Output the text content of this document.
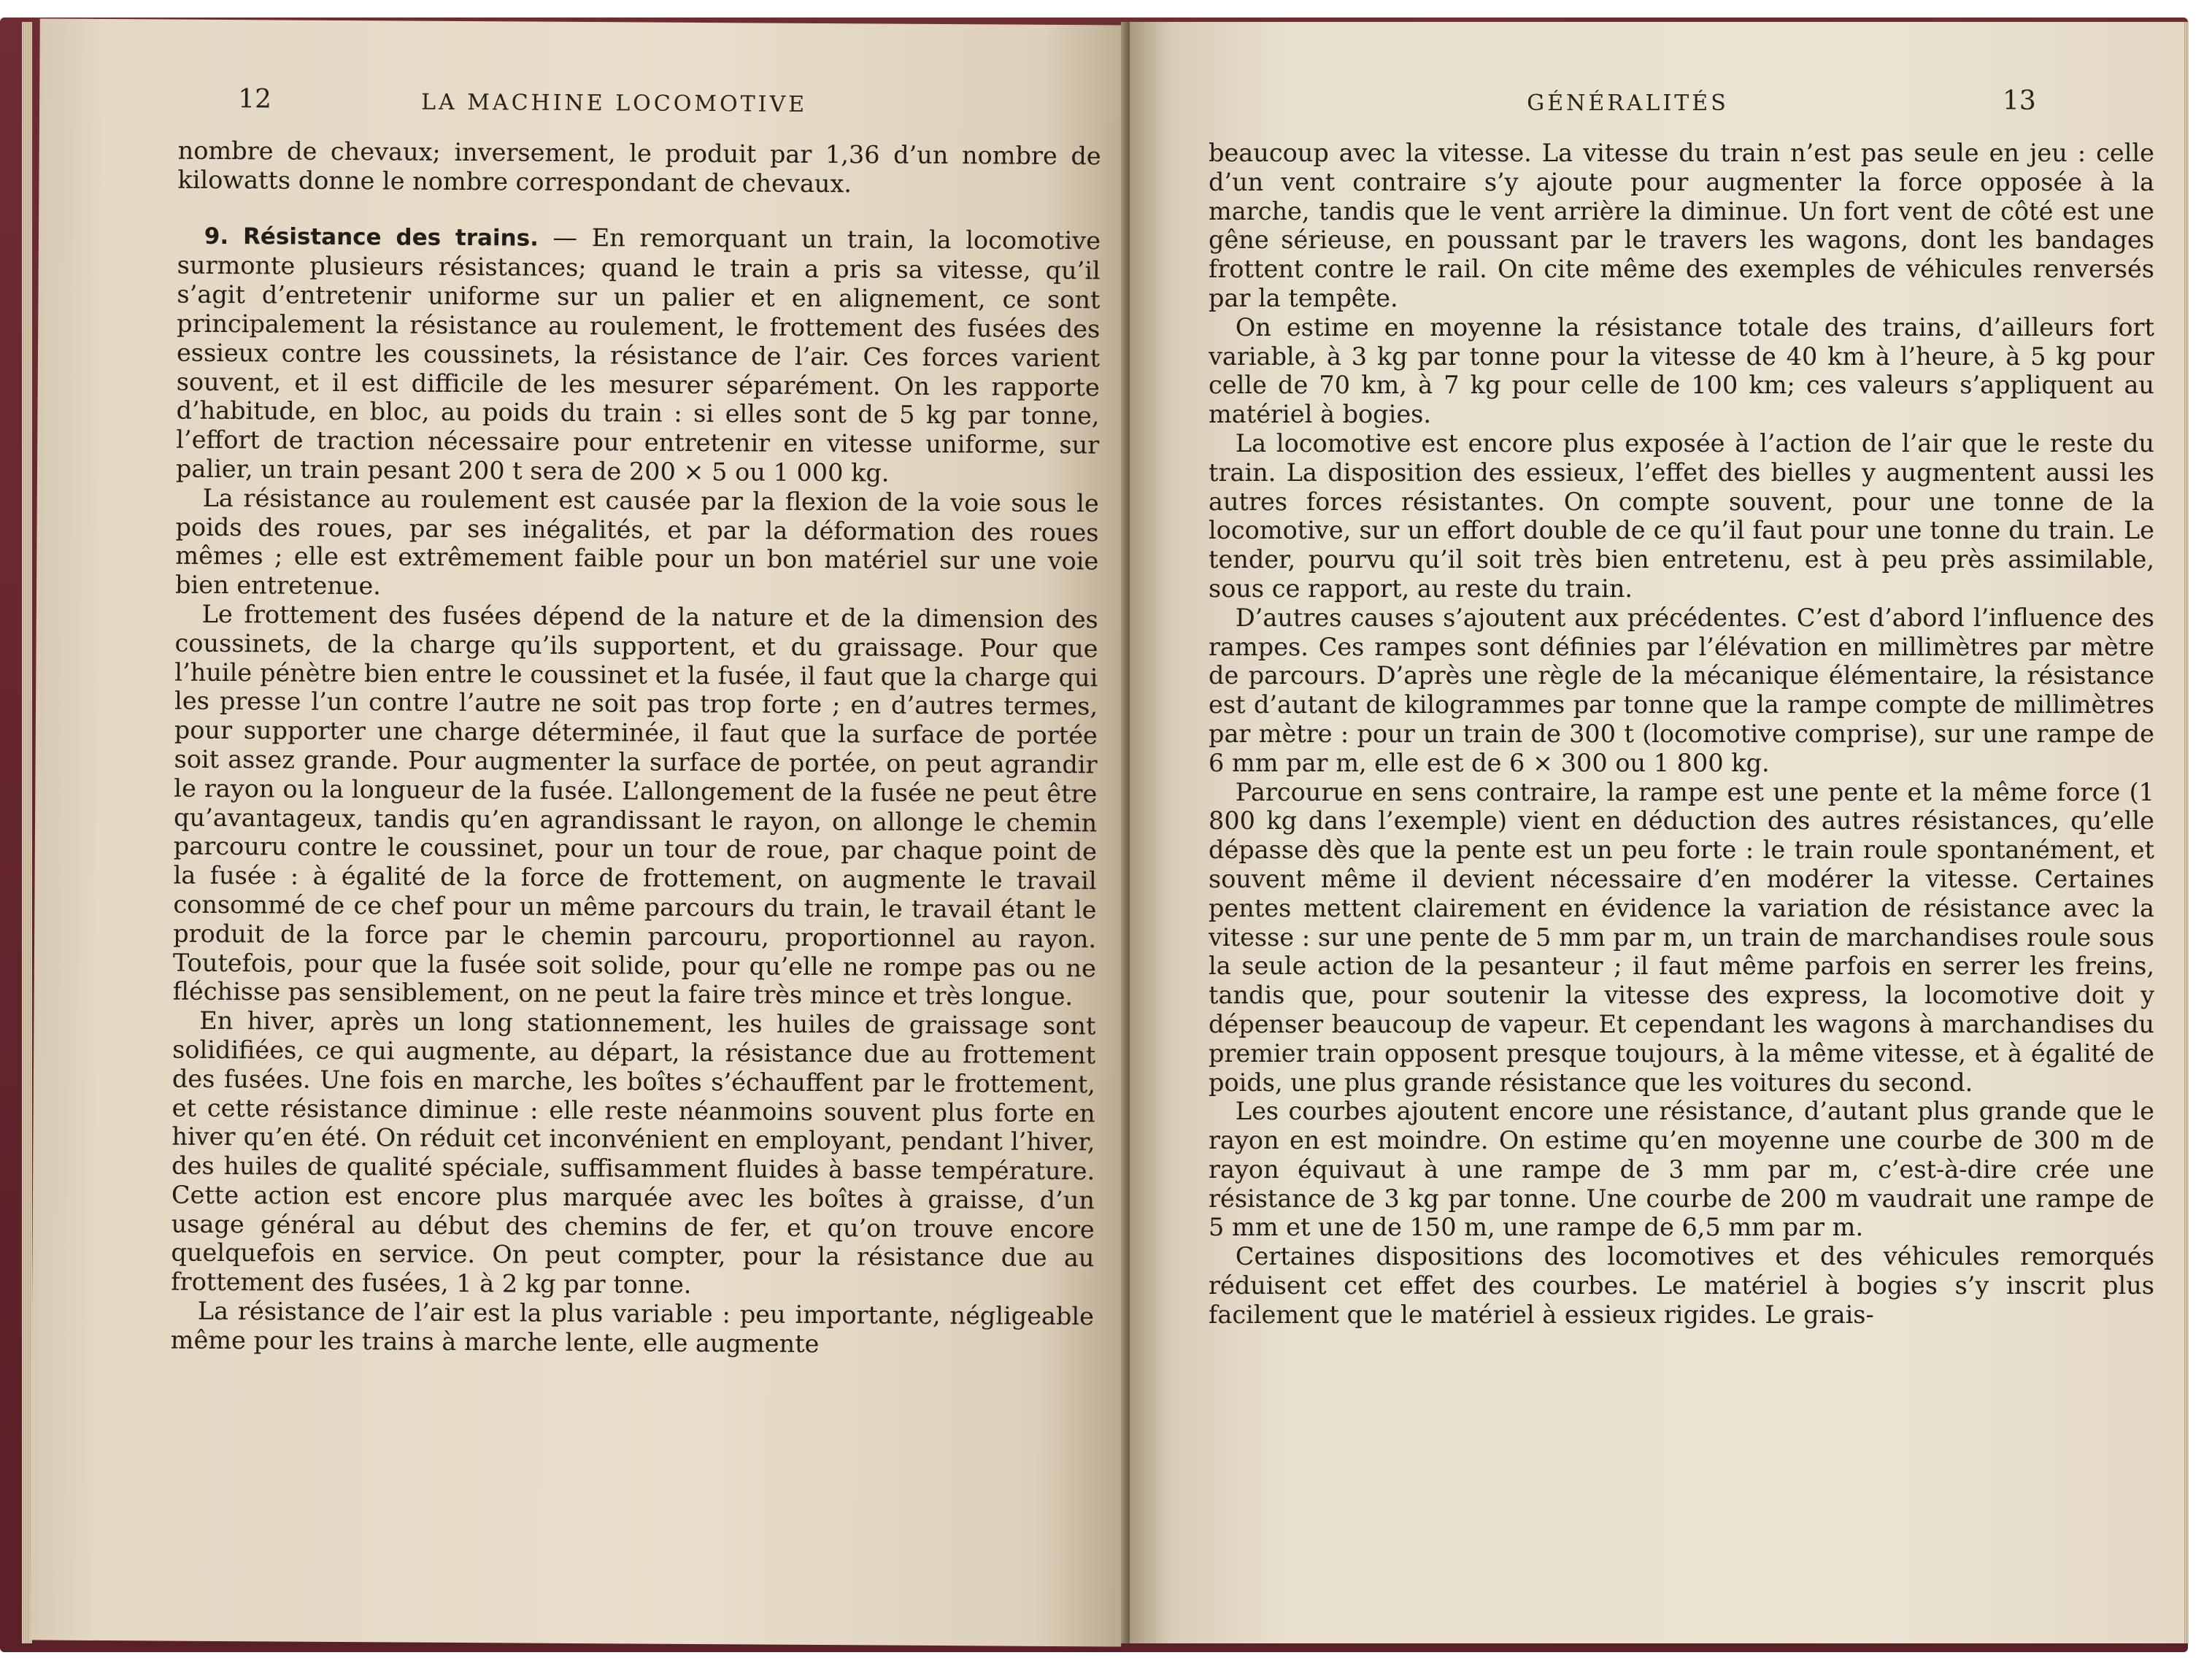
12	LA MACHINE LOCOMOTIVE

nombre de chevaux; inversement, le produit par 1,36 d’un nombre de kilowatts donne le nombre correspondant de chevaux.

9. Résistance des trains. — En remorquant un train, la locomotive surmonte plusieurs résistances; quand le train a pris sa vitesse, qu’il s’agit d’entretenir uniforme sur un palier et en alignement, ce sont principalement la résistance au roulement, le frottement des fusées des essieux contre les coussinets, la résistance de l’air. Ces forces varient souvent, et il est difficile de les mesurer séparément. On les rapporte d’habitude, en bloc, au poids du train : si elles sont de 5 kg par tonne, l’effort de traction nécessaire pour entretenir en vitesse uniforme, sur palier, un train pesant 200 t sera de 200 × 5 ou 1 000 kg.

La résistance au roulement est causée par la flexion de la voie sous le poids des roues, par ses inégalités, et par la déformation des roues mêmes ; elle est extrêmement faible pour un bon matériel sur une voie bien entretenue.

Le frottement des fusées dépend de la nature et de la dimension des coussinets, de la charge qu’ils supportent, et du graissage. Pour que l’huile pénètre bien entre le coussinet et la fusée, il faut que la charge qui les presse l’un contre l’autre ne soit pas trop forte ; en d’autres termes, pour supporter une charge déterminée, il faut que la surface de portée soit assez grande. Pour augmenter la surface de portée, on peut agrandir le rayon ou la longueur de la fusée. L’allongement de la fusée ne peut être qu’avantageux, tandis qu’en agrandissant le rayon, on allonge le chemin parcouru contre le coussinet, pour un tour de roue, par chaque point de la fusée : à égalité de la force de frottement, on augmente le travail consommé de ce chef pour un même parcours du train, le travail étant le produit de la force par le chemin parcouru, proportionnel au rayon. Toutefois, pour que la fusée soit solide, pour qu’elle ne rompe pas ou ne fléchisse pas sensiblement, on ne peut la faire très mince et très longue.

En hiver, après un long stationnement, les huiles de graissage sont solidifiées, ce qui augmente, au départ, la résistance due au frottement des fusées. Une fois en marche, les boîtes s’échauffent par le frottement, et cette résistance diminue : elle reste néanmoins souvent plus forte en hiver qu’en été. On réduit cet inconvénient en employant, pendant l’hiver, des huiles de qualité spéciale, suffisamment fluides à basse température. Cette action est encore plus marquée avec les boîtes à graisse, d’un usage général au début des chemins de fer, et qu’on trouve encore quelquefois en service. On peut compter, pour la résistance due au frottement des fusées, 1 à 2 kg par tonne.

La résistance de l’air est la plus variable : peu importante, négligeable même pour les trains à marche lente, elle augmente

GÉNÉRALITÉS	13

beaucoup avec la vitesse. La vitesse du train n’est pas seule en jeu : celle d’un vent contraire s’y ajoute pour augmenter la force opposée à la marche, tandis que le vent arrière la diminue. Un fort vent de côté est une gêne sérieuse, en poussant par le travers les wagons, dont les bandages frottent contre le rail. On cite même des exemples de véhicules renversés par la tempête.

On estime en moyenne la résistance totale des trains, d’ailleurs fort variable, à 3 kg par tonne pour la vitesse de 40 km à l’heure, à 5 kg pour celle de 70 km, à 7 kg pour celle de 100 km; ces valeurs s’appliquent au matériel à bogies.

La locomotive est encore plus exposée à l’action de l’air que le reste du train. La disposition des essieux, l’effet des bielles y augmentent aussi les autres forces résistantes. On compte souvent, pour une tonne de la locomotive, sur un effort double de ce qu’il faut pour une tonne du train. Le tender, pourvu qu’il soit très bien entretenu, est à peu près assimilable, sous ce rapport, au reste du train.

D’autres causes s’ajoutent aux précédentes. C’est d’abord l’influence des rampes. Ces rampes sont définies par l’élévation en millimètres par mètre de parcours. D’après une règle de la mécanique élémentaire, la résistance est d’autant de kilogrammes par tonne que la rampe compte de millimètres par mètre : pour un train de 300 t (locomotive comprise), sur une rampe de 6 mm par m, elle est de 6 × 300 ou 1 800 kg.

Parcourue en sens contraire, la rampe est une pente et la même force (1 800 kg dans l’exemple) vient en déduction des autres résistances, qu’elle dépasse dès que la pente est un peu forte : le train roule spontanément, et souvent même il devient nécessaire d’en modérer la vitesse. Certaines pentes mettent clairement en évidence la variation de résistance avec la vitesse : sur une pente de 5 mm par m, un train de marchandises roule sous la seule action de la pesanteur ; il faut même parfois en serrer les freins, tandis que, pour soutenir la vitesse des express, la locomotive doit y dépenser beaucoup de vapeur. Et cependant les wagons à marchandises du premier train opposent presque toujours, à la même vitesse, et à égalité de poids, une plus grande résistance que les voitures du second.

Les courbes ajoutent encore une résistance, d’autant plus grande que le rayon en est moindre. On estime qu’en moyenne une courbe de 300 m de rayon équivaut à une rampe de 3 mm par m, c’est-à-dire crée une résistance de 3 kg par tonne. Une courbe de 200 m vaudrait une rampe de 5 mm et une de 150 m, une rampe de 6,5 mm par m.

Certaines dispositions des locomotives et des véhicules remorqués réduisent cet effet des courbes. Le matériel à bogies s’y inscrit plus facilement que le matériel à essieux rigides. Le grais-
